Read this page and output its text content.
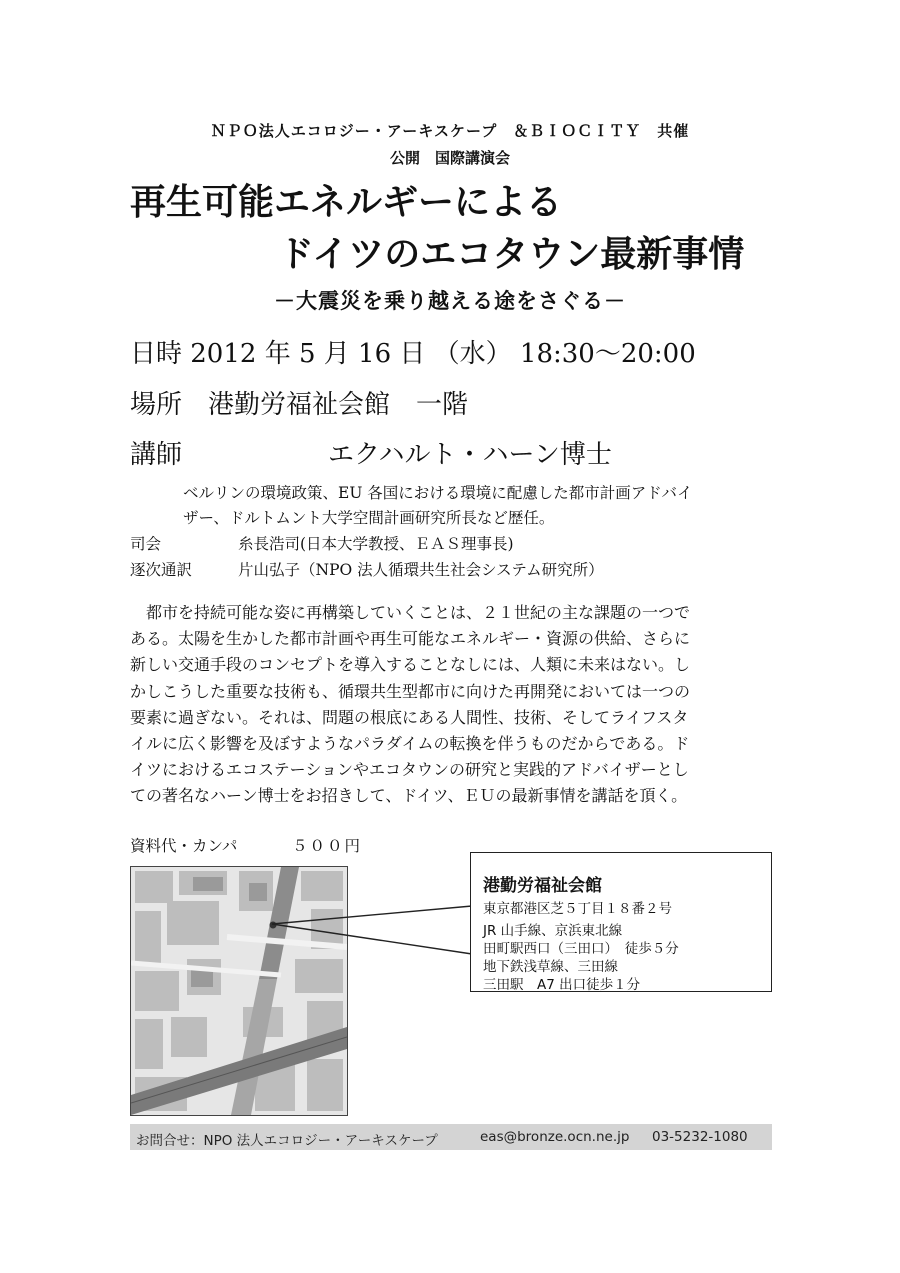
ＮＰＯ法人エコロジー・アーキスケープ　＆ＢＩＯＣＩＴＹ　共催
公開　国際講演会
再生可能エネルギーによる
ドイツのエコタウン最新事情
－大震災を乗り越える途をさぐる－
日時 2012 年 5 月 16 日 （水） 18:30〜20:00
場所　港勤労福祉会館　一階
講師	エクハルト・ハーン博士
ベルリンの環境政策、EU 各国における環境に配慮した都市計画アドバイ
ザー、ドルトムント大学空間計画研究所長など歴任。
司会	糸長浩司(日本大学教授、ＥＡＳ理事長)
逐次通訳	片山弘子（NPO 法人循環共生社会システム研究所）
　都市を持続可能な姿に再構築していくことは、２１世紀の主な課題の一つで
ある。太陽を生かした都市計画や再生可能なエネルギー・資源の供給、さらに
新しい交通手段のコンセプトを導入することなしには、人類に未来はない。し
かしこうした重要な技術も、循環共生型都市に向けた再開発においては一つの
要素に過ぎない。それは、問題の根底にある人間性、技術、そしてライフスタ
イルに広く影響を及ぼすようなパラダイムの転換を伴うものだからである。ド
イツにおけるエコステーションやエコタウンの研究と実践的アドバイザーとし
ての著名なハーン博士をお招きして、ドイツ、ＥＵの最新事情を講話を頂く。
資料代・カンパ	５００円
港勤労福祉会館
東京都港区芝５丁目１８番２号
JR 山手線、京浜東北線
田町駅西口（三田口）　徒歩５分
地下鉄浅草線、三田線
三田駅　A7 出口徒歩１分
お問合せ：NPO 法人エコロジー・アーキスケープ	eas@bronze.ocn.ne.jp 03-5232-1080
